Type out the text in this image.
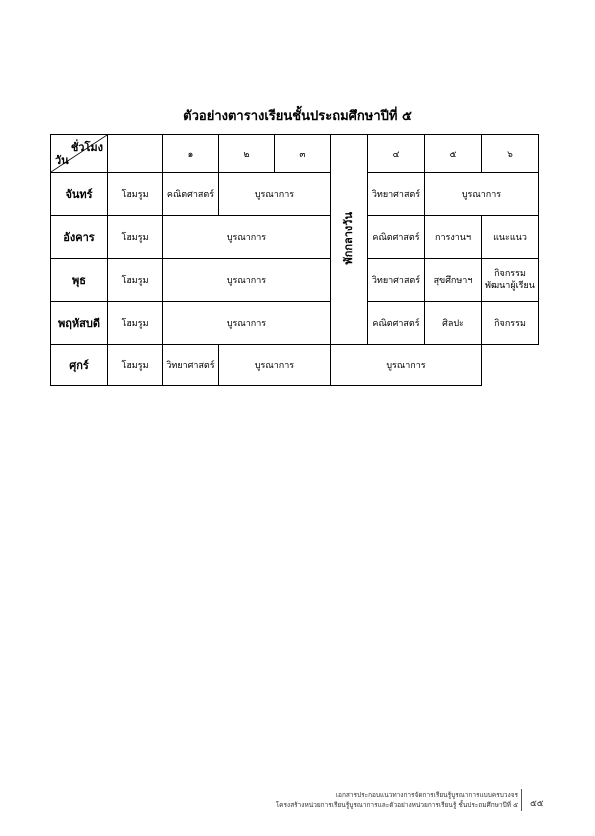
ตัวอย่างตารางเรียนชั้นประถมศึกษาปีที่ ๕
ชั่วโมง
วัน		๑	๒	๓	พักกลางวัน	๔	๕	๖
จันทร์	โฮมรูม	คณิตศาสตร์	บูรณาการ			วิทยาศาสตร์	บูรณาการ	
อังคาร	โฮมรูม	บูรณาการ				คณิตศาสตร์	การงานฯ	แนะแนว
พุธ	โฮมรูม	บูรณาการ				วิทยาศาสตร์	สุขศึกษาฯ	กิจกรรมพัฒนาผู้เรียน
พฤหัสบดี	โฮมรูม	บูรณาการ				คณิตศาสตร์	ศิลปะ	กิจกรรม
ศุกร์	โฮมรูม	วิทยาศาสตร์	บูรณาการ		บูรณาการ			
เอกสารประกอบแนวทางการจัดการเรียนรู้บูรณาการแบบครบวงจร
โครงสร้างหน่วยการเรียนรู้บูรณาการและตัวอย่างหน่วยการเรียนรู้ ชั้นประถมศึกษาปีที่ ๕ ๕๕
